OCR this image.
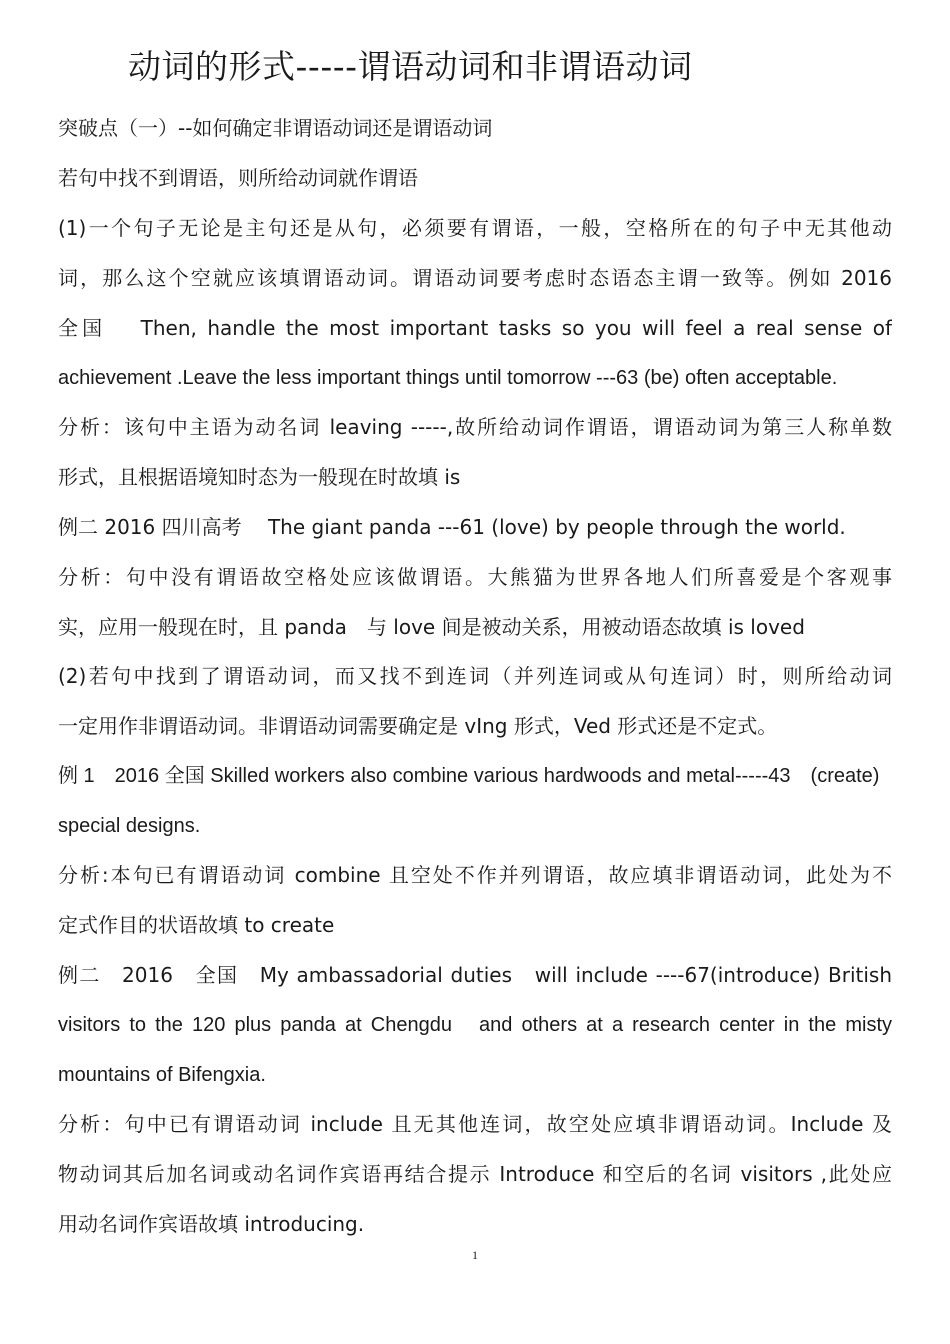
动词的形式-----谓语动词和非谓语动词
突破点（一）--如何确定非谓语动词还是谓语动词
若句中找不到谓语，则所给动词就作谓语
(1)一个句子无论是主句还是从句，必须要有谓语，一般，空格所在的句子中无其他动
词，那么这个空就应该填谓语动词。谓语动词要考虑时态语态主谓一致等。例如 2016
全国　 Then, handle the most important tasks so you will feel a real sense of
achievement .Leave the less important things until tomorrow ---63 (be) often acceptable.
分析：该句中主语为动名词 leaving -----,故所给动词作谓语，谓语动词为第三人称单数
形式，且根据语境知时态为一般现在时故填 is
例二 2016 四川高考　 The giant panda ---61 (love) by people through the world.
分析：句中没有谓语故空格处应该做谓语。大熊猫为世界各地人们所喜爱是个客观事
实，应用一般现在时，且 panda　与 love 间是被动关系，用被动语态故填 is loved
(2)若句中找到了谓语动词，而又找不到连词（并列连词或从句连词）时，则所给动词
一定用作非谓语动词。非谓语动词需要确定是 vIng 形式，Ved 形式还是不定式。
例 1　2016 全国 Skilled workers also combine various hardwoods and metal-----43　(create)
special designs.
分析:本句已有谓语动词 combine 且空处不作并列谓语，故应填非谓语动词，此处为不
定式作目的状语故填 to create
例二　2016　全国　My ambassadorial duties　will include ----67(introduce) British
visitors to the 120 plus panda at Chengdu　and others at a research center in the misty
mountains of Bifengxia.
分析：句中已有谓语动词 include 且无其他连词，故空处应填非谓语动词。Include 及
物动词其后加名词或动名词作宾语再结合提示 Introduce 和空后的名词 visitors ,此处应
用动名词作宾语故填 introducing.
1
